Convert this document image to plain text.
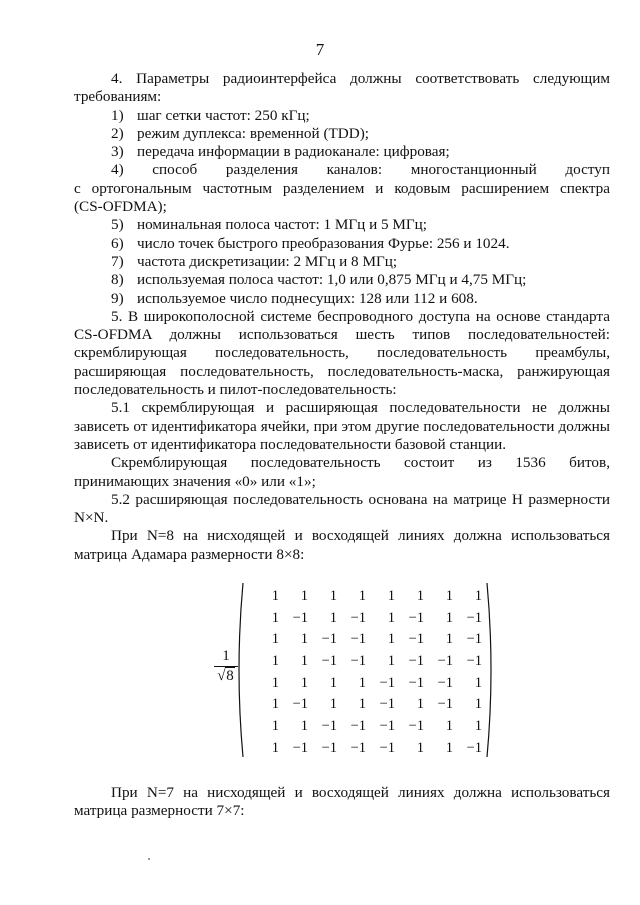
7

4. Параметры радиоинтерфейса должны соответствовать следующим

требованиям:

1) шаг сетки частот: 250 кГц;

2) режим дуплекса: временной (TDD);

3) передача информации в радиоканале: цифровая;

4) способ разделения каналов: многостанционный доступ

с ортогональным частотным разделением и кодовым расширением спектра

(CS-OFDMA);

5) номинальная полоса частот: 1 МГц и 5 МГц;

6) число точек быстрого преобразования Фурье: 256 и 1024.

7) частота дискретизации: 2 МГц и 8 МГц;

8) используемая полоса частот: 1,0 или 0,875 МГц и 4,75 МГц;

9) используемое число поднесущих: 128 или 112 и 608.

5. В широкополосной системе беспроводного доступа на основе стандарта

CS-OFDMA должны использоваться шесть типов последовательностей:

скремблирующая последовательность, последовательность преамбулы,

расширяющая последовательность, последовательность-маска, ранжирующая

последовательность и пилот-последовательность:

5.1 скремблирующая и расширяющая последовательности не должны

зависеть от идентификатора ячейки, при этом другие последовательности должны

зависеть от идентификатора последовательности базовой станции.

Скремблирующая последовательность состоит из 1536 битов,

принимающих значения «0» или «1»;

5.2 расширяющая последовательность основана на матрице H размерности

N×N.

При N=8 на нисходящей и восходящей линиях должна использоваться

матрица Адамара размерности 8×8:

1
√ 8
1	1	1	1	1	1	1	1
1 −1	1 −1	1 −1	1 −1
1	1 −1 −1	1 −1	1 −1
1	1 −1 −1	1 −1 −1 −1
1	1	1	1 −1 −1 −1	1
1 −1	1	1 −1	1 −1	1
1	1 −1 −1 −1 −1	1	1
1 −1 −1 −1 −1	1	1 −1

При N=7 на нисходящей и восходящей линиях должна использоваться

матрица размерности 7×7:
